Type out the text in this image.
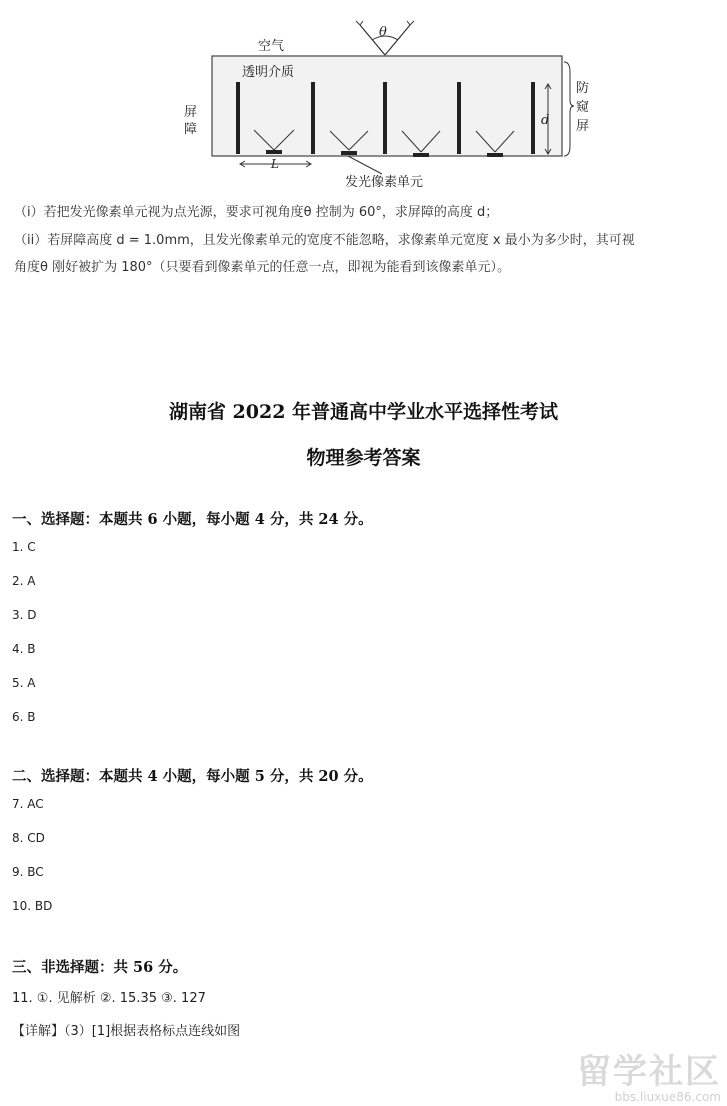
θ
空气
透明介质
屏障
d
L
发光像素单元
防窥屏
（i）若把发光像素单元视为点光源，要求可视角度θ 控制为 60°，求屏障的高度 d；
（ii）若屏障高度 d = 1.0mm，且发光像素单元的宽度不能忽略，求像素单元宽度 x 最小为多少时，其可视
角度θ 刚好被扩为 180°（只要看到像素单元的任意一点，即视为能看到该像素单元）。
湖南省 2022 年普通高中学业水平选择性考试
物理参考答案
一、选择题：本题共 6 小题，每小题 4 分，共 24 分。
1. C
2. A
3. D
4. B
5. A
6. B
二、选择题：本题共 4 小题，每小题 5 分，共 20 分。
7. AC
8. CD
9. BC
10. BD
三、非选择题：共 56 分。
11. ①. 见解析 ②. 15.35 ③. 127
【详解】（3）[1]根据表格标点连线如图
留学社区
bbs.liuxue86.com
